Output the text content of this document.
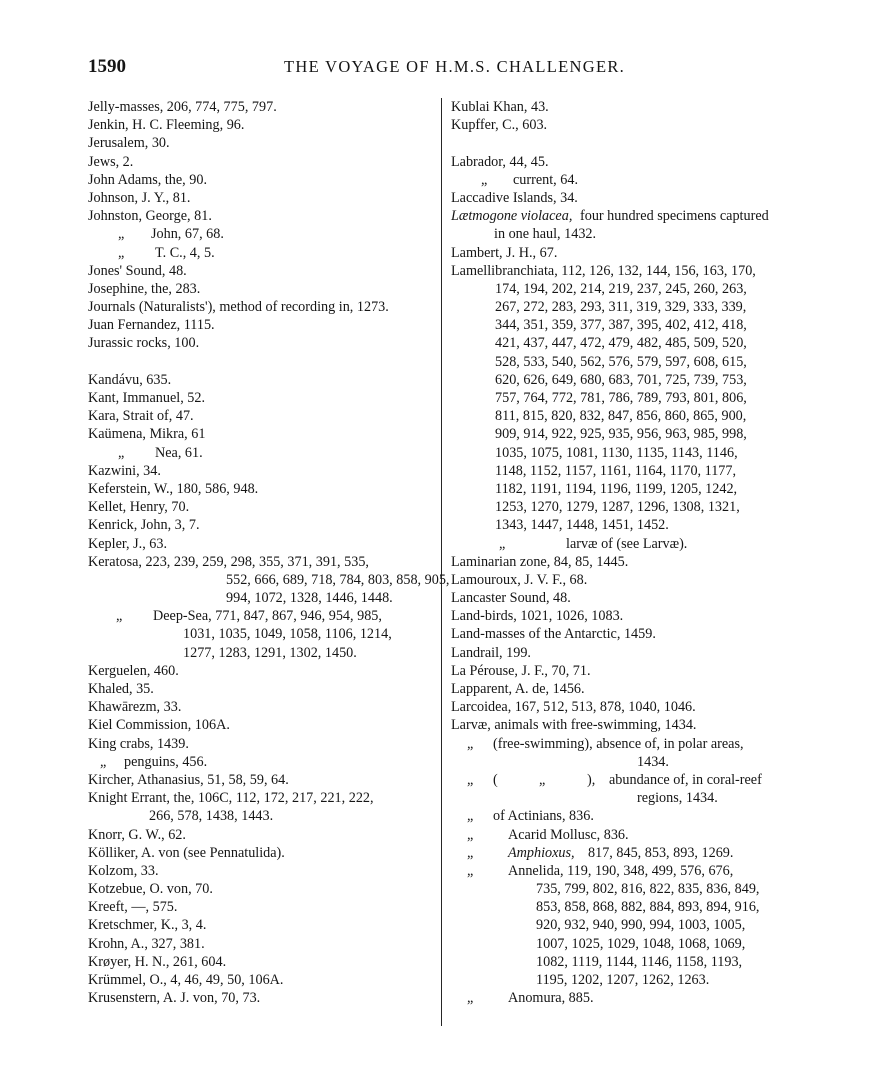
1590	THE VOYAGE OF H.M.S. CHALLENGER.
Jelly-masses, 206, 774, 775, 797.
Jenkin, H. C. Fleeming, 96.
Jerusalem, 30.
Jews, 2.
John Adams, the, 90.
Johnson, J. Y., 81.
Johnston, George, 81.
„ John, 67, 68.
„ T. C., 4, 5.
Jones' Sound, 48.
Josephine, the, 283.
Journals (Naturalists'), method of recording in, 1273.
Juan Fernandez, 1115.
Jurassic rocks, 100.
Kandávu, 635.
Kant, Immanuel, 52.
Kara, Strait of, 47.
Kaümena, Mikra, 61
„ Nea, 61.
Kazwini, 34.
Keferstein, W., 180, 586, 948.
Kellet, Henry, 70.
Kenrick, John, 3, 7.
Kepler, J., 63.
Keratosa, 223, 239, 259, 298, 355, 371, 391, 535,
552, 666, 689, 718, 784, 803, 858, 905,
994, 1072, 1328, 1446, 1448.
„ Deep-Sea, 771, 847, 867, 946, 954, 985,
1031, 1035, 1049, 1058, 1106, 1214,
1277, 1283, 1291, 1302, 1450.
Kerguelen, 460.
Khaled, 35.
Khawārezm, 33.
Kiel Commission, 106A.
King crabs, 1439.
„ penguins, 456.
Kircher, Athanasius, 51, 58, 59, 64.
Knight Errant, the, 106C, 112, 172, 217, 221, 222,
266, 578, 1438, 1443.
Knorr, G. W., 62.
Kölliker, A. von (see Pennatulida).
Kolzom, 33.
Kotzebue, O. von, 70.
Kreeft, —, 575.
Kretschmer, K., 3, 4.
Krohn, A., 327, 381.
Krøyer, H. N., 261, 604.
Krümmel, O., 4, 46, 49, 50, 106A.
Krusenstern, A. J. von, 70, 73.
Kublai Khan, 43.
Kupffer, C., 603.
Labrador, 44, 45.
„ current, 64.
Laccadive Islands, 34.
Lætmogone violacea, four hundred specimens captured
in one haul, 1432.
Lambert, J. H., 67.
Lamellibranchiata, 112, 126, 132, 144, 156, 163, 170,
174, 194, 202, 214, 219, 237, 245, 260, 263,
267, 272, 283, 293, 311, 319, 329, 333, 339,
344, 351, 359, 377, 387, 395, 402, 412, 418,
421, 437, 447, 472, 479, 482, 485, 509, 520,
528, 533, 540, 562, 576, 579, 597, 608, 615,
620, 626, 649, 680, 683, 701, 725, 739, 753,
757, 764, 772, 781, 786, 789, 793, 801, 806,
811, 815, 820, 832, 847, 856, 860, 865, 900,
909, 914, 922, 925, 935, 956, 963, 985, 998,
1035, 1075, 1081, 1130, 1135, 1143, 1146,
1148, 1152, 1157, 1161, 1164, 1170, 1177,
1182, 1191, 1194, 1196, 1199, 1205, 1242,
1253, 1270, 1279, 1287, 1296, 1308, 1321,
1343, 1447, 1448, 1451, 1452.
„	larvæ of (see Larvæ).
Laminarian zone, 84, 85, 1445.
Lamouroux, J. V. F., 68.
Lancaster Sound, 48.
Land-birds, 1021, 1026, 1083.
Land-masses of the Antarctic, 1459.
Landrail, 199.
La Pérouse, J. F., 70, 71.
Lapparent, A. de, 1456.
Larcoidea, 167, 512, 513, 878, 1040, 1046.
Larvæ, animals with free-swimming, 1434.
„ (free-swimming), absence of, in polar areas,
1434.
„ (	„	), abundance of, in coral-reef
regions, 1434.
„ of Actinians, 836.
„ Acarid Mollusc, 836.
„ Amphioxus, 817, 845, 853, 893, 1269.
„ Annelida, 119, 190, 348, 499, 576, 676,
735, 799, 802, 816, 822, 835, 836, 849,
853, 858, 868, 882, 884, 893, 894, 916,
920, 932, 940, 990, 994, 1003, 1005,
1007, 1025, 1029, 1048, 1068, 1069,
1082, 1119, 1144, 1146, 1158, 1193,
1195, 1202, 1207, 1262, 1263.
„ Anomura, 885.
